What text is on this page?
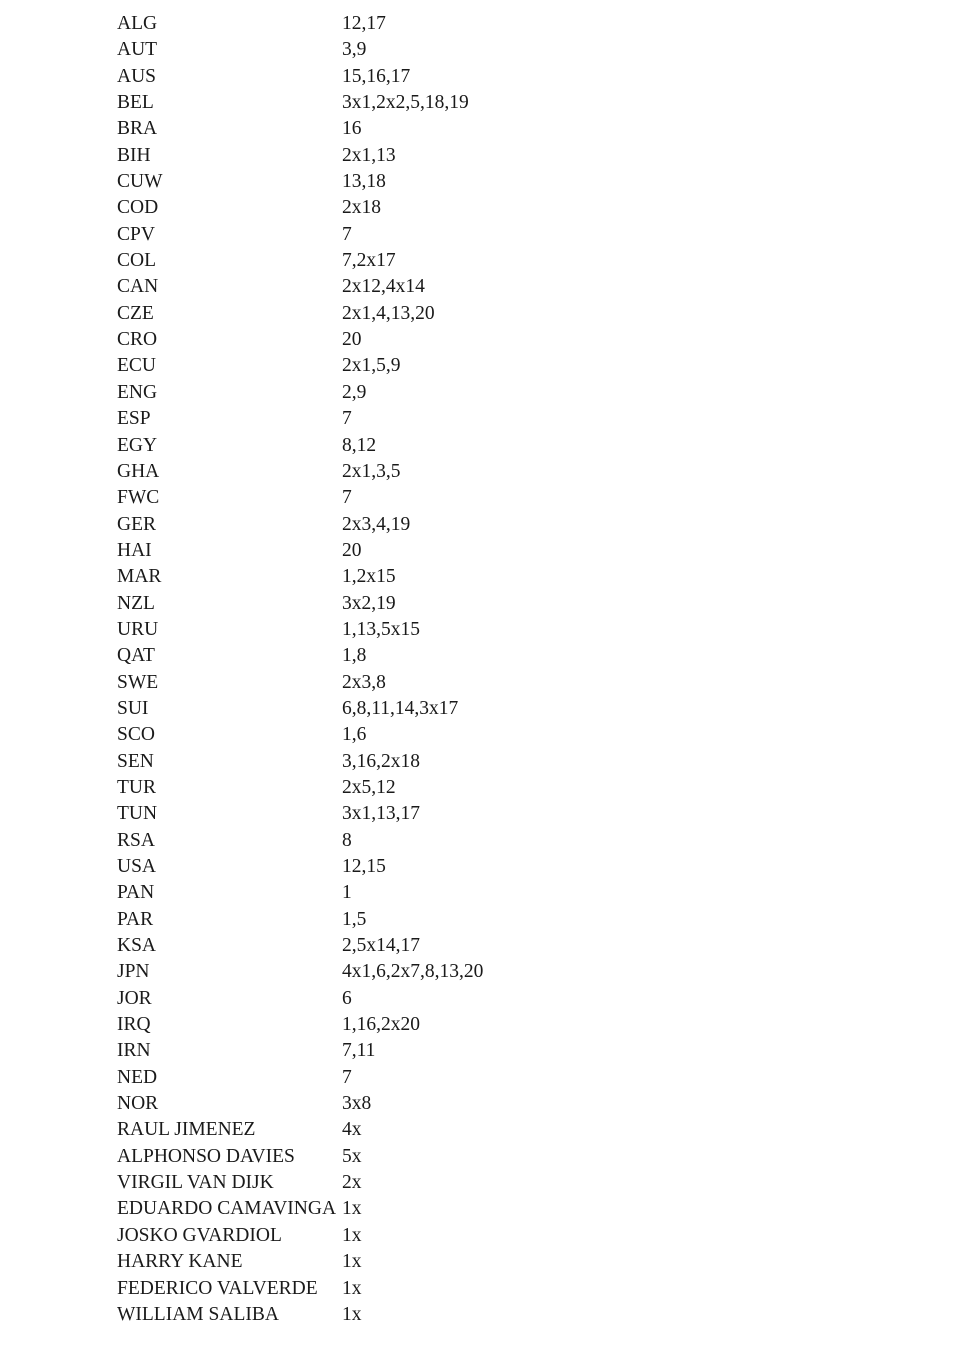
ALG	12,17
AUT	3,9
AUS	15,16,17
BEL	3x1,2x2,5,18,19
BRA	16
BIH	2x1,13
CUW	13,18
COD	2x18
CPV	7
COL	7,2x17
CAN	2x12,4x14
CZE	2x1,4,13,20
CRO	20
ECU	2x1,5,9
ENG	2,9
ESP	7
EGY	8,12
GHA	2x1,3,5
FWC	7
GER	2x3,4,19
HAI	20
MAR	1,2x15
NZL	3x2,19
URU	1,13,5x15
QAT	1,8
SWE	2x3,8
SUI	6,8,11,14,3x17
SCO	1,6
SEN	3,16,2x18
TUR	2x5,12
TUN	3x1,13,17
RSA	8
USA	12,15
PAN	1
PAR	1,5
KSA	2,5x14,17
JPN	4x1,6,2x7,8,13,20
JOR	6
IRQ	1,16,2x20
IRN	7,11
NED	7
NOR	3x8
RAUL JIMENEZ	4x
ALPHONSO DAVIES 5x
VIRGIL VAN DIJK	2x
EDUARDO CAMAVINGA 1x
JOSKO GVARDIOL	1x
HARRY KANE	1x
FEDERICO VALVERDE 1x
WILLIAM SALIBA	1x
